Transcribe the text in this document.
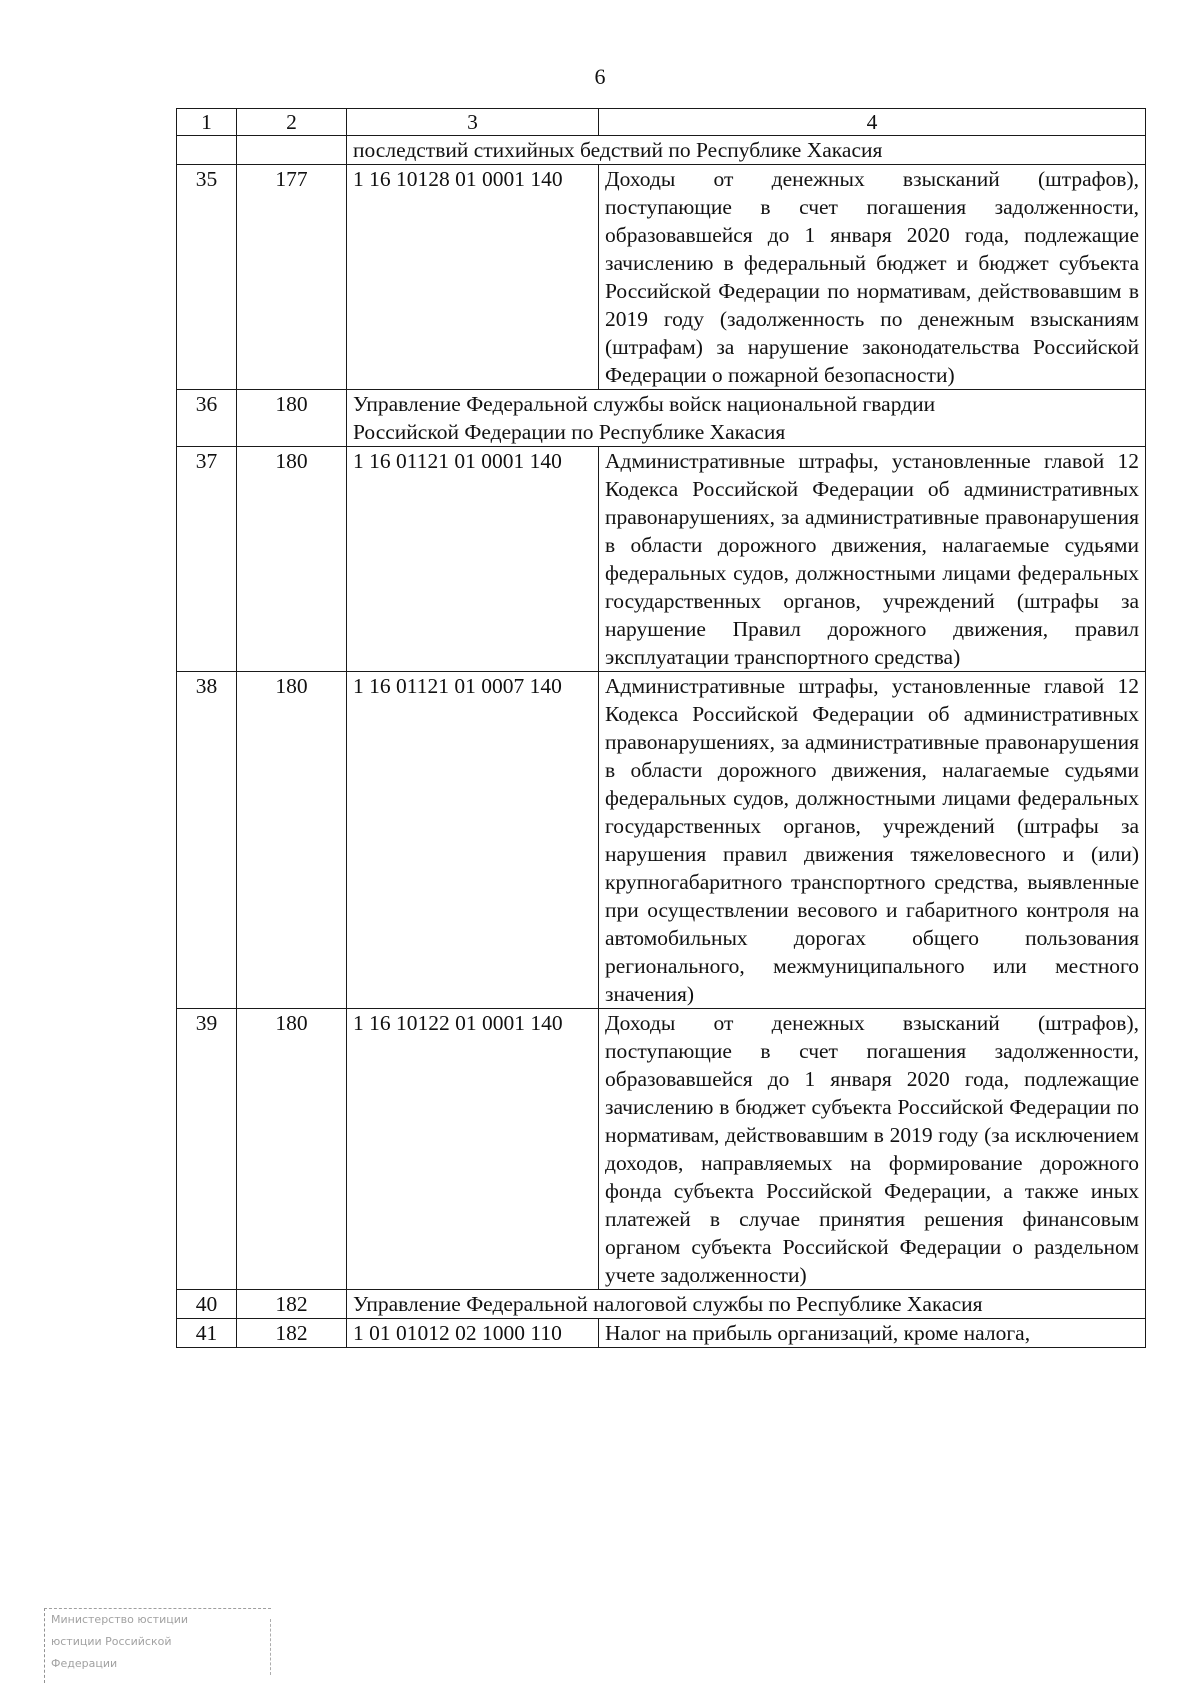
6
1	2	3	4
		последствий стихийных бедствий по Республике Хакасия	
35	177	1 16 10128 01 0001 140	Доходы от денежных взысканий (штрафов), поступающие в счет погашения задолженности, образовавшейся до 1 января 2020 года, подлежащие зачислению в федеральный бюджет и бюджет субъекта Российской Федерации по нормативам, действовавшим в 2019 году (задолженность по денежным взысканиям (штрафам) за нарушение законодательства Российской Федерации о пожарной безопасности)
36	180	Управление Федеральной службы войск национальной гвардии
Российской Федерации по Республике Хакасия	

37	180	1 16 01121 01 0001 140	Административные штрафы, установленные главой 12 Кодекса Российской Федерации об административных правонарушениях, за административные правонарушения в области дорожного движения, налагаемые судьями федеральных судов, должностными лицами федеральных государственных органов, учреждений (штрафы за нарушение Правил дорожного движения, правил эксплуатации транспортного средства)
38	180	1 16 01121 01 0007 140	Административные штрафы, установленные главой 12 Кодекса Российской Федерации об административных правонарушениях, за административные правонарушения в области дорожного движения, налагаемые судьями федеральных судов, должностными лицами федеральных государственных органов, учреждений (штрафы за нарушения правил движения тяжеловесного и (или) крупногабаритного транспортного средства, выявленные при осуществлении весового и габаритного контроля на автомобильных дорогах общего пользования регионального, межмуниципального или местного значения)
39	180	1 16 10122 01 0001 140	Доходы от денежных взысканий (штрафов), поступающие в счет погашения задолженности, образовавшейся до 1 января 2020 года, подлежащие зачислению в бюджет субъекта Российской Федерации по нормативам, действовавшим в 2019 году (за исключением доходов, направляемых на формирование дорожного фонда субъекта Российской Федерации, а также иных платежей в случае принятия решения финансовым органом субъекта Российской Федерации о раздельном учете задолженности)
40	182	Управление Федеральной налоговой службы по Республике Хакасия	

41	182	1 01 01012 02 1000 110	Налог на прибыль организаций, кроме налога,
Министерство юстиции
юстиции Российской
Федерации
